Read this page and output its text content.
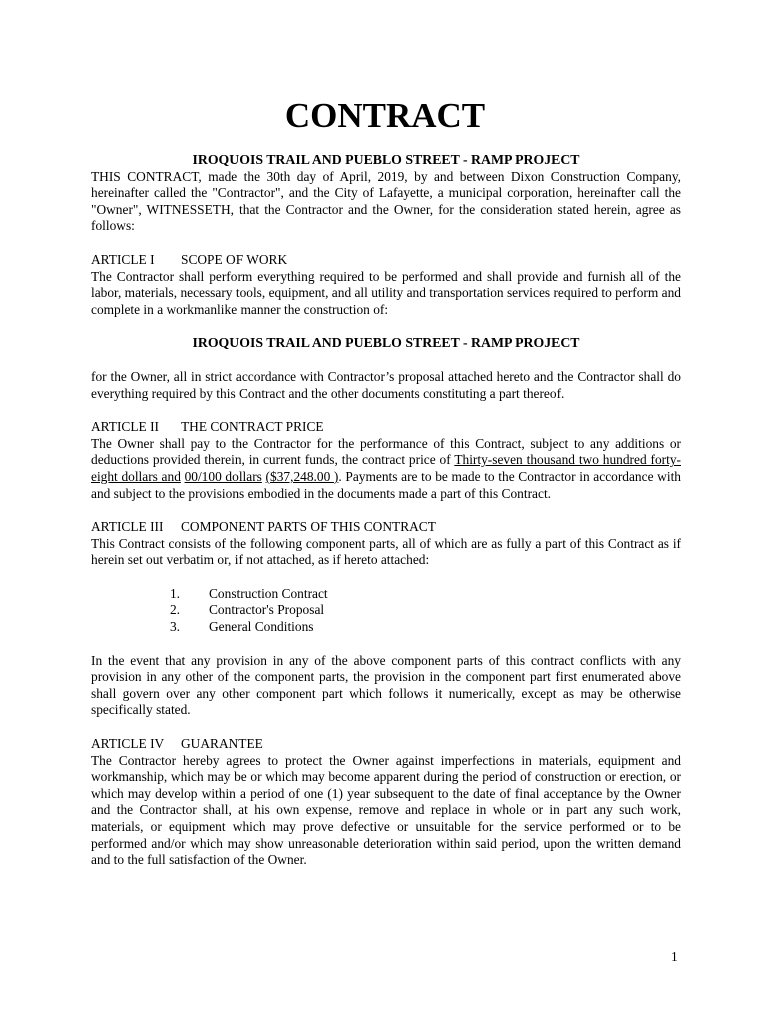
CONTRACT
IROQUOIS TRAIL AND PUEBLO STREET - RAMP PROJECT

THIS CONTRACT, made the 30th day of April, 2019, by and between Dixon Construction Company, hereinafter called the "Contractor", and the City of Lafayette, a municipal corporation, hereinafter call the "Owner", WITNESSETH, that the Contractor and the Owner, for the consideration stated herein, agree as follows:

ARTICLE I	SCOPE OF WORK

The Contractor shall perform everything required to be performed and shall provide and furnish all of the labor, materials, necessary tools, equipment, and all utility and transportation services required to perform and complete in a workmanlike manner the construction of:

IROQUOIS TRAIL AND PUEBLO STREET - RAMP PROJECT

for the Owner, all in strict accordance with Contractor’s proposal attached hereto and the Contractor shall do everything required by this Contract and the other documents constituting a part thereof.

ARTICLE II	THE CONTRACT PRICE

The Owner shall pay to the Contractor for the performance of this Contract, subject to any additions or deductions provided therein, in current funds, the contract price of Thirty-seven thousand two hundred forty-eight dollars and 00/100 dollars ($37,248.00 ). Payments are to be made to the Contractor in accordance with and subject to the provisions embodied in the documents made a part of this Contract.

ARTICLE III	COMPONENT PARTS OF THIS CONTRACT

This Contract consists of the following component parts, all of which are as fully a part of this Contract as if herein set out verbatim or, if not attached, as if hereto attached:

1.	Construction Contract
2.	Contractor's Proposal
3.	General Conditions

In the event that any provision in any of the above component parts of this contract conflicts with any provision in any other of the component parts, the provision in the component part first enumerated above shall govern over any other component part which follows it numerically, except as may be otherwise specifically stated.

ARTICLE IV	GUARANTEE

The Contractor hereby agrees to protect the Owner against imperfections in materials, equipment and workmanship, which may be or which may become apparent during the period of construction or erection, or which may develop within a period of one (1) year subsequent to the date of final acceptance by the Owner and the Contractor shall, at his own expense, remove and replace in whole or in part any such work, materials, or equipment which may prove defective or unsuitable for the service performed or to be performed and/or which may show unreasonable deterioration within said period, upon the written demand and to the full satisfaction of the Owner.

1
